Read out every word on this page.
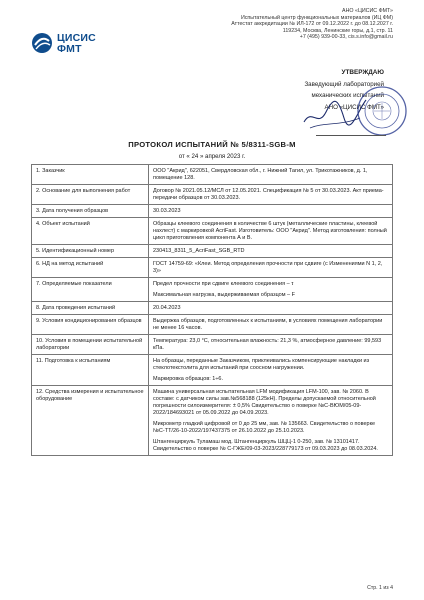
ЦИСИС
ФМТ
АНО «ЦИСИС ФМТ»
Испытательный центр функциональных материалов (ИЦ ФМ)
Аттестат аккредитации № ИЛ-172 от 09.12.2022 г. до 08.12.2027 г.
119234, Москва, Ленинские горы, д.1, стр. 11
+7 (495) 939-00-33, cis.s.info@gmail.ru
УТВЕРЖДАЮ
Заведующий лабораторией
механических испытаний
АНО «ЦИСИС ФМТ»
ПРОТОКОЛ ИСПЫТАНИЙ № 5/8311-SGB-M
от « 24 » апреля 2023 г.
1. Заказчик	ООО "Акрид", 622051, Свердловская обл., г. Нижний Тагил, ул. Трикотажников, д. 1, помещение 128.

2. Основание для выполнения работ	Договор № 2021.05.12/МСЛ от 12.05.2021. Спецификация № 5 от 30.03.2023. Акт приема-передачи образцов от 30.03.2023.

3. Дата получения образцов	30.03.2023

4. Объект испытаний	Образцы клеевого соединения в количестве 6 штук (металлические пластины, клеевой нахлест) с маркировкой AcriFast. Изготовитель: ООО "Акрид". Метод изготовления: полный цикл приготовления компонента А и В.

5. Идентификационный номер	230413_8311_5_AcriFast_SGB_RTD

6. НД на метод испытаний	ГОСТ 14759-69: «Клеи. Метод определения прочности при сдвиге (с Изменениями N 1, 2, 3)»

7. Определяемые показатели	Предел прочности при сдвиге клеевого соединения – τ
Максимальная нагрузка, выдерживаемая образцом – F

8. Дата проведения испытаний	20.04.2023

9. Условия кондиционирования образцов	Выдержка образцов, подготовленных к испытаниям, в условиях помещения лаборатории не менее 16 часов.

10. Условия в помещении испытательной лаборатории	Температура: 23,0 °С, относительная влажность: 21,3 %, атмосферное давление: 99,593 кПа.

11. Подготовка к испытаниям	На образцы, переданные Заказчиком, приклеивались компенсирующие накладки из стеклотекстолита для испытаний при соосном нагружении.
Маркировка образцов: 1÷6.

12. Средства измерения и испытательное оборудование	Машина универсальная испытательная LFM модификация LFM-100, зав. № 2060. В составе: с датчиком силы зав.№568188 (125кН). Пределы допускаемой относительной погрешности силоизмерителя: ± 0,5% Свидетельство о поверке №С-ВЮМ/05-09-2022/184693021 от 05.09.2022 до 04.09.2023.
Микрометр гладкий цифровой от 0 до 25 мм, зав. № 135663. Свидетельство о поверке №С-ТТ/26-10-2022/197437375 от 26.10.2022 до 25.10.2023.
Штангенциркуль Туламаш мод. Штангенциркуль ШЦЦ-1 0-250, зав. № 13101417. Свидетельство о поверке № С-ГЖЕ/09-03-2023/228779173 от 09.03.2023 до 08.03.2024.
Стр. 1 из 4
